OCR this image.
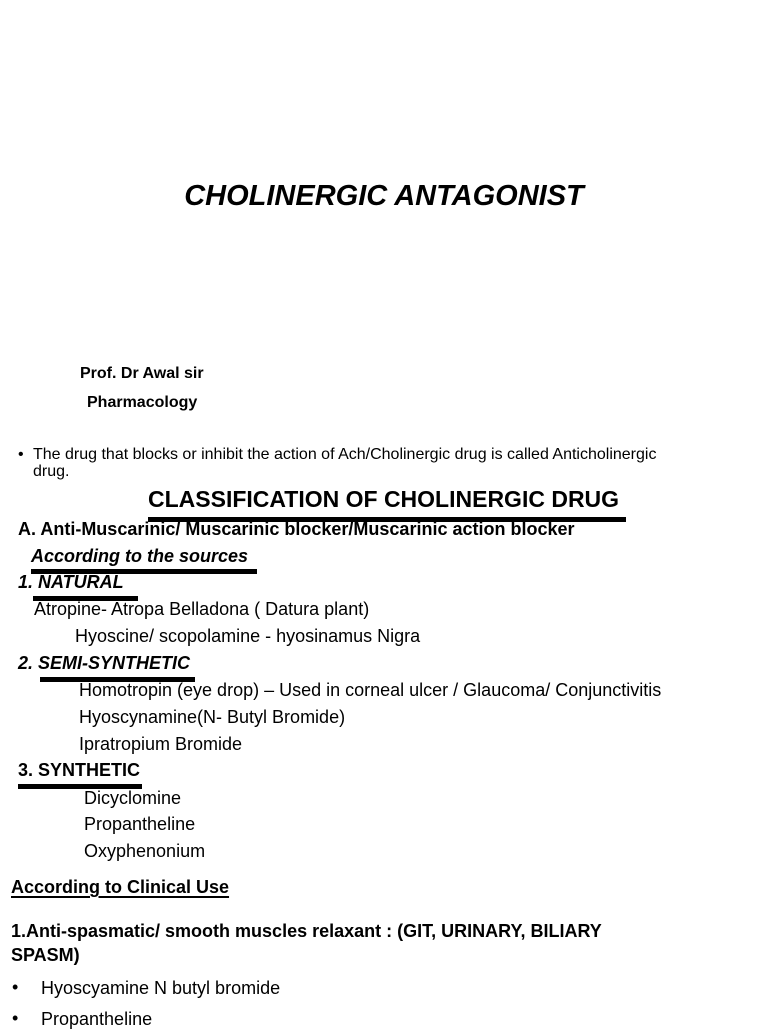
CHOLINERGIC ANTAGONIST
Prof. Dr Awal sir
Pharmacology
• The drug that blocks or inhibit the action of Ach/Cholinergic drug is called Anticholinergic
drug.
CLASSIFICATION OF CHOLINERGIC DRUG
A. Anti-Muscarinic/ Muscarinic blocker/Muscarinic action blocker
According to the sources
1. NATURAL
Atropine- Atropa Belladona ( Datura plant)
Hyoscine/ scopolamine - hyosinamus Nigra
2. SEMI-SYNTHETIC
Homotropin (eye drop) – Used in corneal ulcer / Glaucoma/ Conjunctivitis
Hyoscynamine(N- Butyl Bromide)
Ipratropium Bromide
3. SYNTHETIC
Dicyclomine
Propantheline
Oxyphenonium
According to Clinical Use
1.Anti-spasmatic/ smooth muscles relaxant : (GIT, URINARY, BILIARY
SPASM)
• Hyoscyamine N butyl bromide
• Propantheline
